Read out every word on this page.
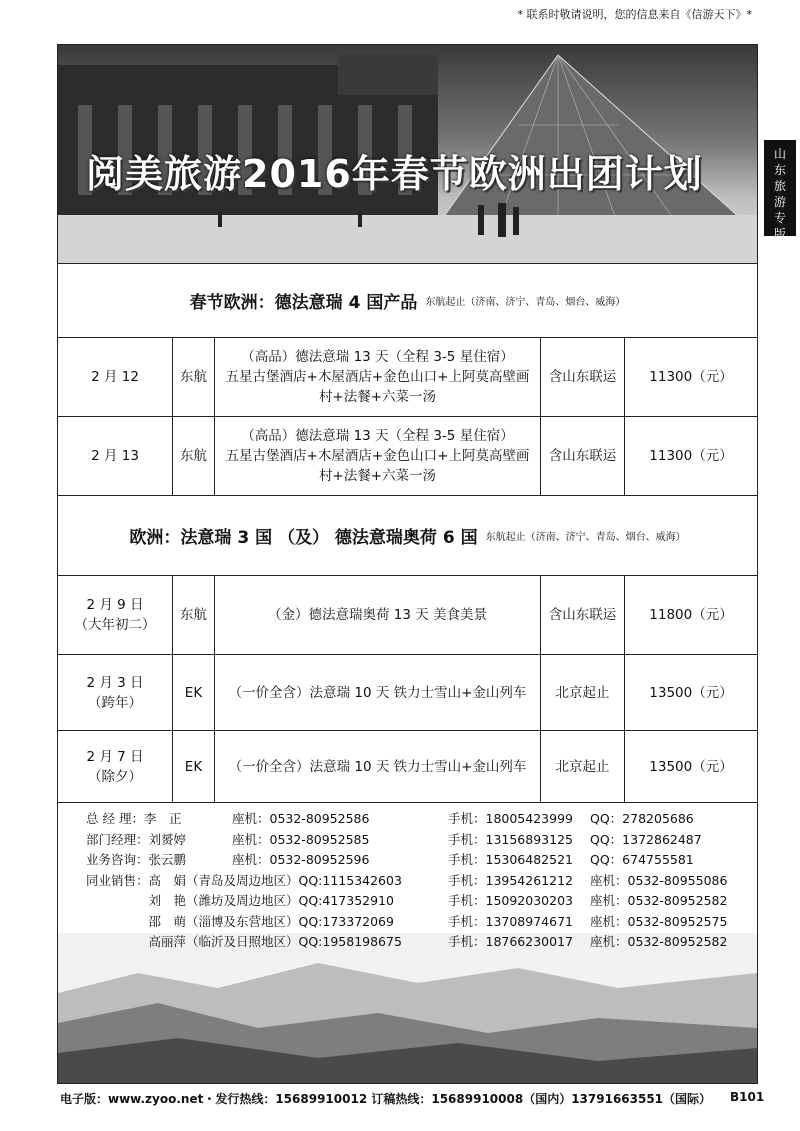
* 联系时敬请说明，您的信息来自《信游天下》*
山
东
旅
游
专
版
阅美旅游2016年春节欧洲出团计划
春节欧洲：德法意瑞 4 国产品 东航起止（济南、济宁、青岛、烟台、威海）
2 月 12	东航
（高品）德法意瑞 13 天（全程 3-5 星住宿）
五星古堡酒店+木屋酒店+金色山口+上阿莫高壁画
村+法餐+六菜一汤
含山东联运	11300（元）
2 月 13	东航
（高品）德法意瑞 13 天（全程 3-5 星住宿）
五星古堡酒店+木屋酒店+金色山口+上阿莫高壁画
村+法餐+六菜一汤
含山东联运	11300（元）
欧洲：法意瑞 3 国 （及） 德法意瑞奥荷 6 国 东航起止（济南、济宁、青岛、烟台、威海）
2 月 9 日
（大年初二）
东航	（金）德法意瑞奥荷 13 天 美食美景	含山东联运	11800（元）
2 月 3 日
（跨年）
EK	（一价全含）法意瑞 10 天 铁力士雪山+金山列车	北京起止	13500（元）
2 月 7 日
（除夕）
EK	（一价全含）法意瑞 10 天 铁力士雪山+金山列车	北京起止	13500（元）
总 经 理：李　正	座机：0532-80952586	手机：18005423999 QQ：278205686
部门经理：刘赟婷	座机：0532-80952585	手机：13156893125 QQ：1372862487
业务咨询：张云鹏	座机：0532-80952596	手机：15306482521 QQ：674755581
同业销售：高　娟（青岛及周边地区）QQ:1115342603	手机：13954261212 座机：0532-80955086
　　　　　刘　艳（潍坊及周边地区）QQ:417352910	手机：15092030203 座机：0532-80952582
　　　　　邵　萌（淄博及东营地区）QQ:173372069	手机：13708974671 座机：0532-80952575
　　　　　高丽萍（临沂及日照地区）QQ:1958198675	手机：18766230017 座机：0532-80952582
电子版：www.zyoo.net・发行热线：15689910012 订稿热线：15689910008（国内）13791663551（国际） B101
